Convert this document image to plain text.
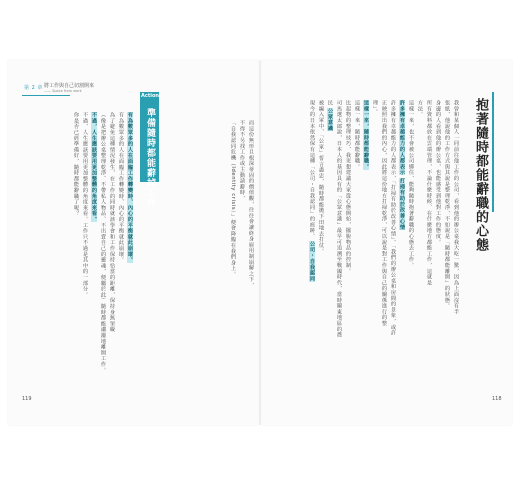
第 2 章 將工作與自己切割開來
—— Space from work
抱著隨時都能辭職的心態
我曾和某個人一同前往他工作的公司，看到他的辦公桌我大吃一驚，因為上面沒有半
張紙，他說他的工作方式與其說是整理乾淨，不如說是「隨時都能離開」的狀態。
身邊的人看到他的辦公桌，也能感受到他對工作的態度。
所有資料都放在雲端管理，不論什麼時候、在什麼地方都能工作，這就是
方法。
這樣一來，也不會被公司綁住，能夠隨時抱著辭職的心態去工作。
許多擁有卓越能力的人都表示 打掃有助於改善心情
許多擁有卓越能力的人都表示，「打掃有助於改善心情」、「我們的辦公桌和房間的景象，或許 正映照出我們的內心，因此將這份地方打掃乾淨，可以說是對工作與自己的關係進行的整 理」。
這樣一來，隨時都能辭職。
這樣一來，隨時都能辭職。
比起物的整理技巧，我更想建議大家從心態開始，擺脫物品的控制。
司馬遼太郎說，日本人的基因具有的「公眾意識」最早可追溯至戰國時代，當時關東地區的農民 公眾意識
被編入軍中，「公家」誓言盡忠，隨時都能拋下田地去打仗。
現今的日本依然保有這種「公司・自我認同」的痕跡。 公司・自我認同
118
而這份無形且根深蒂固的價值觀，往往會讓終身雇用制崩解之下，
不得不另找工作或主動請辭時，
「自我認同危機（Identity crisis）」便會降臨在我們身上。
Action
準備隨時都能辭掉工作
有為數眾多的人在面臨工作轉變時，內心的平衡就此崩壞。
有為數眾多的人在面臨工作轉變時，內心的平衡就此崩壞。
為了避免這種情況發生，在工作的同時就該學會和工作保持恰當的距離，保持身無罣礙
（像是把辦公桌整理乾淨、不帶私人物品、不出賣自己的靈魂，便屬於此）隨時都能瀟灑地離開工作。
不過，人生應該要用更加整體的角度來看。
不過，人生應該要用更加整體的角度來看。工作只不過是其中的一部分。
你是否已經準備好，隨時都能辭職了呢？
119
